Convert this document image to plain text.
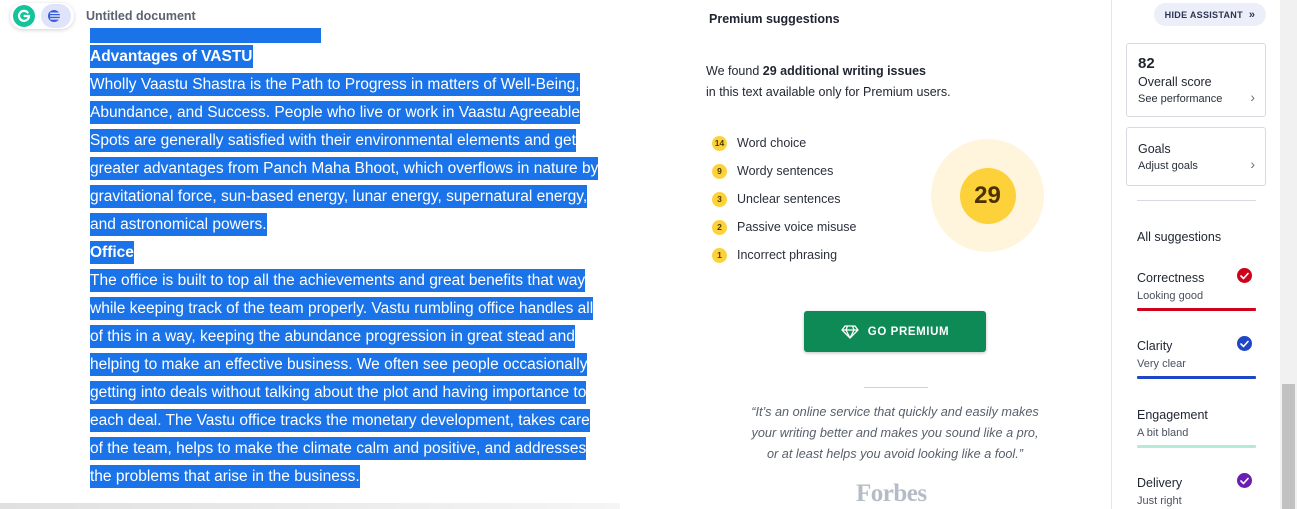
Untitled document
Advantages of VASTU
Wholly Vaastu Shastra is the Path to Progress in matters of Well-Being,
Abundance, and Success. People who live or work in Vaastu Agreeable
Spots are generally satisfied with their environmental elements and get
greater advantages from Panch Maha Bhoot, which overflows in nature by
gravitational force, sun-based energy, lunar energy, supernatural energy,
and astronomical powers.
Office
The office is built to top all the achievements and great benefits that way
while keeping track of the team properly. Vastu rumbling office handles all
of this in a way, keeping the abundance progression in great stead and
helping to make an effective business. We often see people occasionally
getting into deals without talking about the plot and having importance to
each deal. The Vastu office tracks the monetary development, takes care
of the team, helps to make the climate calm and positive, and addresses
the problems that arise in the business.
Premium suggestions
We found 29 additional writing issues
in this text available only for Premium users.
14 Word choice
9	Wordy sentences
3	Unclear sentences
2	Passive voice misuse
1	Incorrect phrasing
29
GO PREMIUM
“It’s an online service that quickly and easily makes
your writing better and makes you sound like a pro,
or at least helps you avoid looking like a fool.”
Forbes
HIDE ASSISTANT »
82
Overall score
See performance ›
Goals
Adjust goals	›
All suggestions
Correctness
Looking good
Clarity
Very clear
Engagement
A bit bland
Delivery
Just right
